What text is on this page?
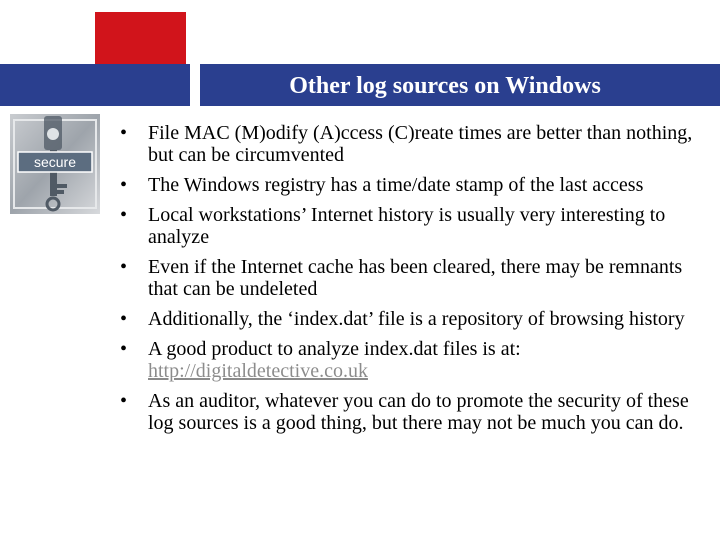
Other log sources on Windows
secure
•	File MAC (M)odify (A)ccess (C)reate times are better than nothing, but can be circumvented
•	The Windows registry has a time/date stamp of the last access
•	Local workstations’ Internet history is usually very interesting to analyze
•	Even if the Internet cache has been cleared, there may be remnants that can be undeleted
•	Additionally, the ‘index.dat’ file is a repository of browsing history
•	A good product to analyze index.dat files is at:
http://digitaldetective.co.uk
•	As an auditor, whatever you can do to promote the security of these log sources is a good thing, but there may not be much you can do.
